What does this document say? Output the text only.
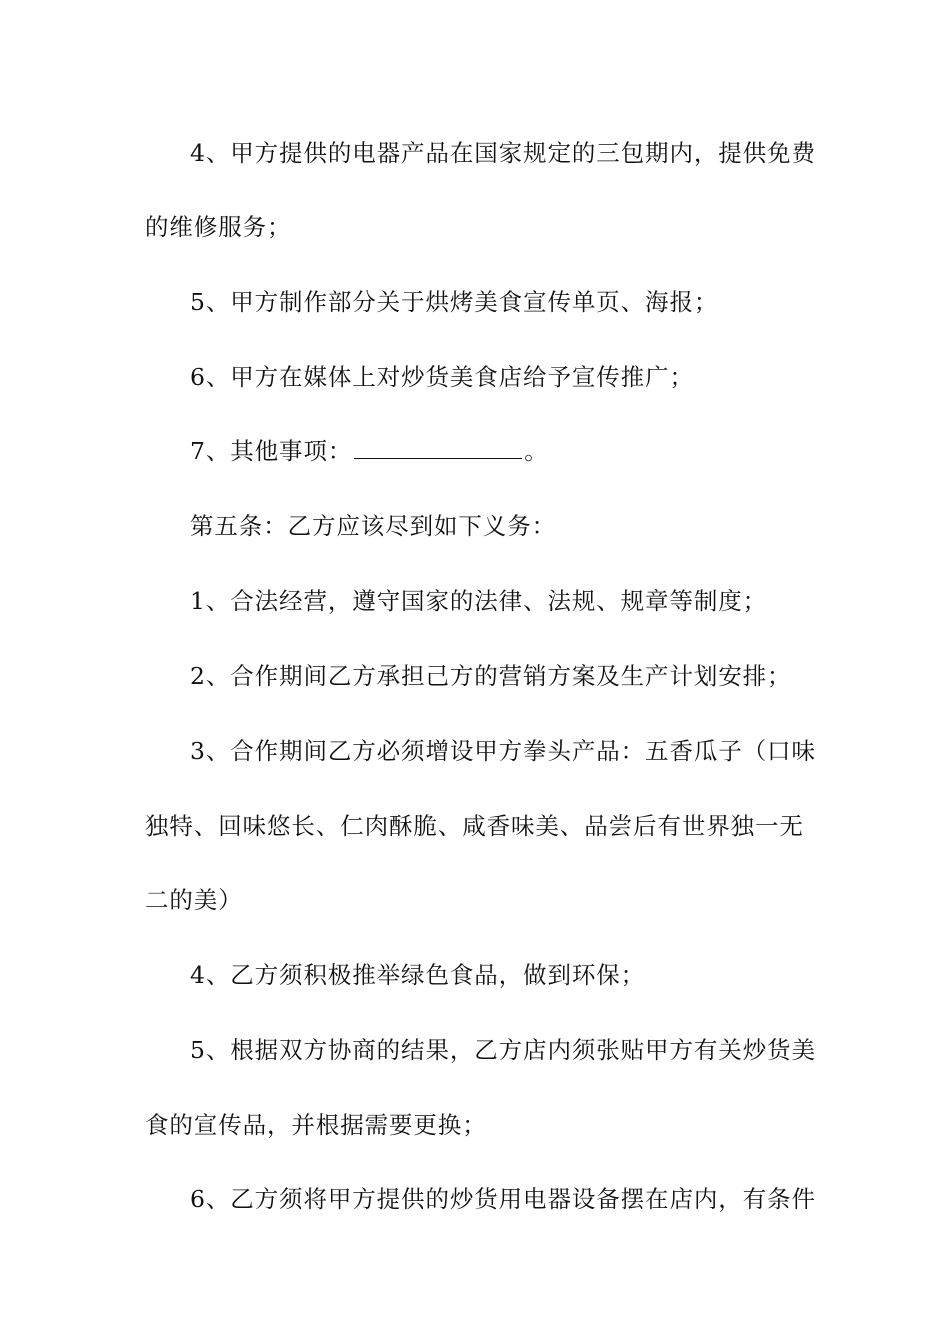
4、甲方提供的电器产品在国家规定的三包期内，提供免费
的维修服务；
5、甲方制作部分关于烘烤美食宣传单页、海报；
6、甲方在媒体上对炒货美食店给予宣传推广；
7、其他事项：	。
第五条：乙方应该尽到如下义务：
1、合法经营，遵守国家的法律、法规、规章等制度；
2、合作期间乙方承担己方的营销方案及生产计划安排；
3、合作期间乙方必须增设甲方拳头产品：五香瓜子（口味
独特、回味悠长、仁肉酥脆、咸香味美、品尝后有世界独一无
二的美）
4、乙方须积极推举绿色食品，做到环保；
5、根据双方协商的结果，乙方店内须张贴甲方有关炒货美
食的宣传品，并根据需要更换；
6、乙方须将甲方提供的炒货用电器设备摆在店内，有条件
